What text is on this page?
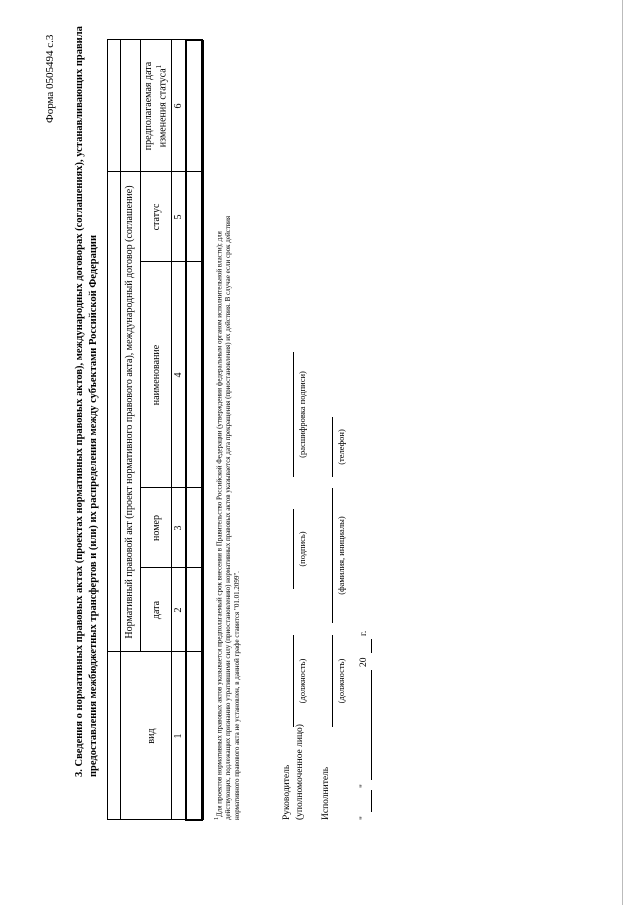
Форма 0505494 с.3 3. Сведения о нормативных правовых актах (проектах нормативных правовых актов), международных договорах (соглашениях), устанавливающих правила предоставления межбюджетных трансфертов и (или) их распределения между субъектами Российской Федерации	Нормативный правовой акт (проект нормативного правового акта), международный договор (соглашение)
вид
дата
номер
наименование
статус
предполагаемая дата изменения статуса$^1$
1
2
3
4
5
6
$^1$Для проектов нормативных правовых актов указывается предполагаемый срок внесения в Правительство Российской Федерации (утверждения федеральным органом исполнительной власти); для действующих, подлежащих признанию утратившими силу (приостановлению) нормативных правовых актов указывается дата прекращения (приостановления) их действия. В случае если срок действия нормативного правового акта не установлен, в данной графе ставится "01.01.2099".	Руководитель (уполномоченное лицо)
(должность)
(подпись)
(расшифровка подписи)
Исполнитель
(должность)
(фамилия, инициалы)
(телефон)
"
"
20
г.
